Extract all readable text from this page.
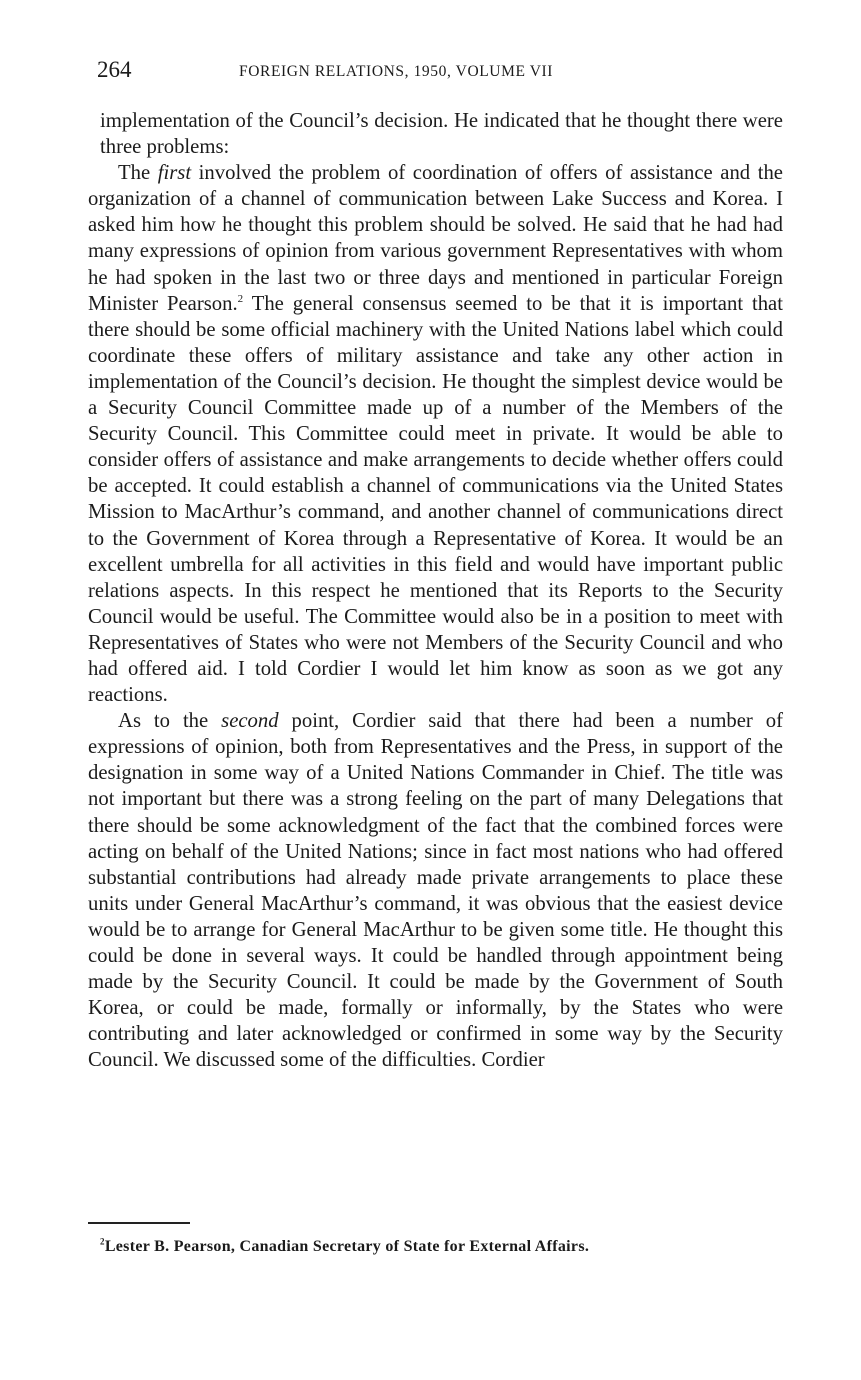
264	FOREIGN RELATIONS, 1950, VOLUME VII

implementation of the Council’s decision. He indicated that he thought there were three problems:

The first involved the problem of coordination of offers of assistance and the organization of a channel of communication between Lake Success and Korea. I asked him how he thought this problem should be solved. He said that he had had many expressions of opinion from various government Representatives with whom he had spoken in the last two or three days and mentioned in particular Foreign Minister Pearson.$^2$ The general consensus seemed to be that it is important that there should be some official machinery with the United Nations label which could coordinate these offers of military assistance and take any other action in implementation of the Council’s decision. He thought the simplest device would be a Security Council Committee made up of a number of the Members of the Security Council. This Committee could meet in private. It would be able to consider offers of assistance and make arrangements to decide whether offers could be accepted. It could establish a channel of communications via the United States Mission to MacArthur’s command, and another channel of communications direct to the Government of Korea through a Representative of Korea. It would be an excellent umbrella for all activities in this field and would have important public relations aspects. In this respect he mentioned that its Reports to the Security Council would be useful. The Committee would also be in a position to meet with Representatives of States who were not Members of the Security Council and who had offered aid. I told Cordier I would let him know as soon as we got any reactions.

As to the second point, Cordier said that there had been a number of expressions of opinion, both from Representatives and the Press, in support of the designation in some way of a United Nations Commander in Chief. The title was not important but there was a strong feeling on the part of many Delegations that there should be some acknowledgment of the fact that the combined forces were acting on behalf of the United Nations; since in fact most nations who had offered substantial contributions had already made private arrangements to place these units under General MacArthur’s command, it was obvious that the easiest device would be to arrange for General MacArthur to be given some title. He thought this could be done in several ways. It could be handled through appointment being made by the Security Council. It could be made by the Government of South Korea, or could be made, formally or informally, by the States who were contributing and later acknowledged or confirmed in some way by the Security Council. We discussed some of the difficulties. Cordier

$^2$Lester B. Pearson, Canadian Secretary of State for External Affairs.
